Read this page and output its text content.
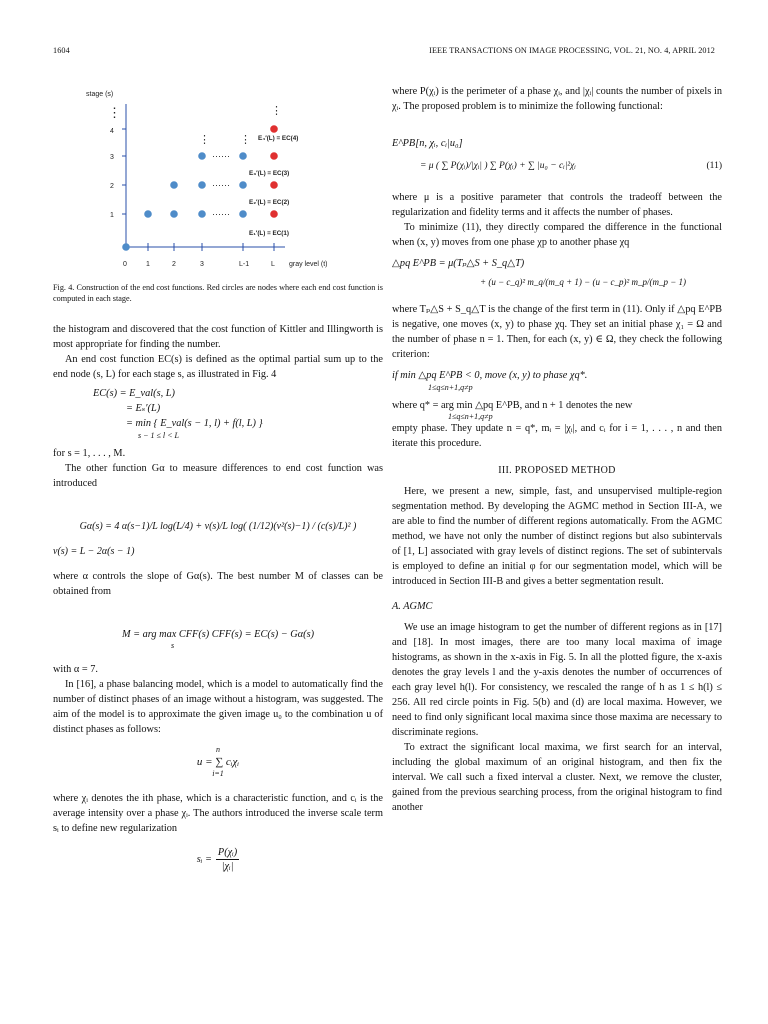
1604	IEEE TRANSACTIONS ON IMAGE PROCESSING, VOL. 21, NO. 4, APRIL 2012
stage (s)
⋮
4
3
2
1
0	1	2	3	L-1	L gray level (t)
⋮
⋮
⋮
⋯⋯
⋯⋯
⋯⋯
E₄′(L) = EC(4)
E₃′(L) = EC(3)
E₂′(L) = EC(2)
E₁′(L) = EC(1)

Fig. 4. Construction of the end cost functions. Red circles are nodes where each end cost function is computed in each stage.

the histogram and discovered that the cost function of Kittler and Illingworth is most appropriate for finding the number.

An end cost function EC(s) is defined as the optimal partial sum up to the end node (s, L) for each stage s, as illustrated in Fig. 4

EC(s) = E_val(s, L)
= Eₛ′(L)
= min { E_val(s − 1, l) + f(l, L) }
s − 1 ≤ l < L

for s = 1, . . . , M.

The other function Gα to measure differences to end cost function was introduced

Gα(s) = 4 α(s−1)/L log(L/4) + v(s)/L log( (1/12)(v²(s)−1) / (c(s)/L)² )

v(s) = L − 2α(s − 1)

where α controls the slope of Gα(s). The best number M of classes can be obtained from

M = arg max CFF(s) CFF(s) = EC(s) − Gα(s)

s

with α = 7.

In [16], a phase balancing model, which is a model to automatically find the number of distinct phases of an image without a histogram, was suggested. The aim of the model is to approximate the given image u₀ to the combination u of distinct phases as follows:

n
u = ∑ cᵢχᵢ
i=1

where χᵢ denotes the ith phase, which is a characteristic function, and cᵢ is the average intensity over a phase χᵢ. The authors introduced the inverse scale term sᵢ to define new regularization

sᵢ = $\frac{\text{P(χᵢ)}}{\text{|χᵢ|}}$

where P(χᵢ) is the perimeter of a phase χᵢ, and |χᵢ| counts the number of pixels in χᵢ. The proposed problem is to minimize the following functional:

E^PB[n, χᵢ, cᵢ|u₀]

= μ ( ∑ P(χᵢ)/|χᵢ| ) ∑ P(χᵢ) + ∑ |u₀ − cᵢ|²χᵢ	(11)

where μ is a positive parameter that controls the tradeoff between the regularization and fidelity terms and it affects the number of phases.

To minimize (11), they directly compared the difference in the functional when (x, y) moves from one phase χp to another phase χq

△pq E^PB = μ(Tₚ△S + S_q△T)

+ (u − c_q)² m_q/(m_q + 1) − (u − c_p)² m_p/(m_p − 1)

where Tₚ△S + S_q△T is the change of the first term in (11). Only if △pq E^PB is negative, one moves (x, y) to phase χq. They set an initial phase χ₁ = Ω and the number of phase n = 1. Then, for each (x, y) ∈ Ω, they check the following criterion:

if min △pq E^PB < 0, move (x, y) to phase χq*.

1≤q≤n+1,q≠p

where q* = arg min △pq E^PB, and n + 1 denotes the new

1≤q≤n+1,q≠p

empty phase. They update n = q*, mᵢ = |χᵢ|, and cᵢ for i = 1, . . . , n and then iterate this procedure.

III. PROPOSED METHOD

Here, we present a new, simple, fast, and unsupervised multiple-region segmentation method. By developing the AGMC method in Section III-A, we are able to find the number of different regions automatically. From the AGMC method, we have not only the number of distinct regions but also subintervals of [1, L] associated with gray levels of distinct regions. The set of subintervals is employed to define an initial φ for our segmentation model, which will be introduced in Section III-B and gives a better segmentation result.

A. AGMC

We use an image histogram to get the number of different regions as in [17] and [18]. In most images, there are too many local maxima of image histograms, as shown in the x-axis in Fig. 5. In all the plotted figure, the x-axis denotes the gray levels l and the y-axis denotes the number of occurrences of each gray level h(l). For consistency, we rescaled the range of h as 1 ≤ h(l) ≤ 256. All red circle points in Fig. 5(b) and (d) are local maxima. However, we need to find only significant local maxima since those maxima are necessary to discriminate regions.

To extract the significant local maxima, we first search for an interval, including the global maximum of an original histogram, and then fix the interval. We call such a fixed interval a cluster. Next, we remove the cluster, gained from the previous searching process, from the original histogram to find another
